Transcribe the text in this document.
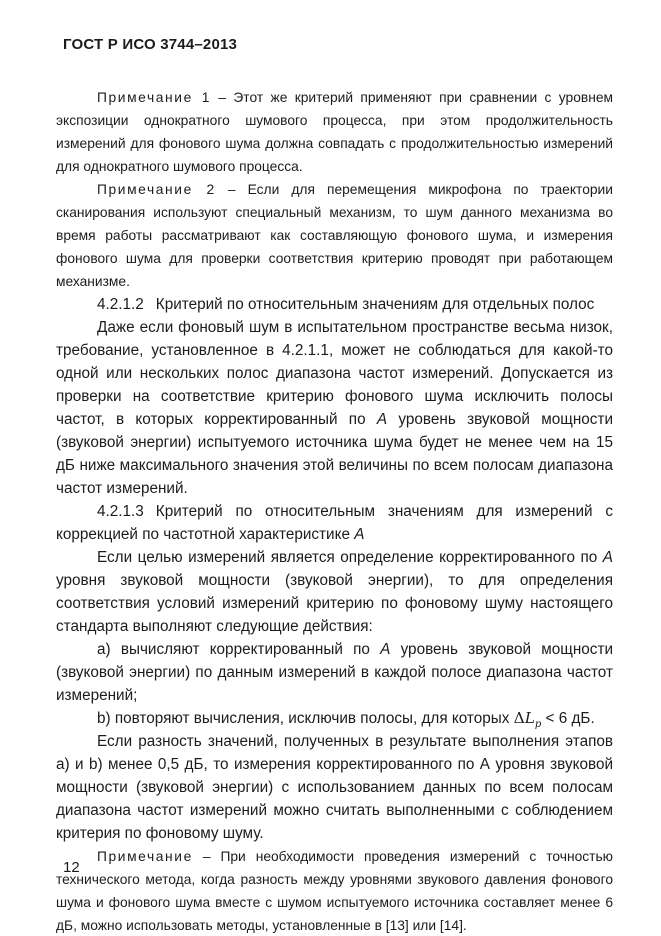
ГОСТ Р ИСО 3744–2013

Примечание 1 – Этот же критерий применяют при сравнении с уровнем экспозиции однократного шумового процесса, при этом продолжительность измерений для фонового шума должна совпадать с продолжительностью измерений для однократного шумового процесса.

Примечание 2 – Если для перемещения микрофона по траектории сканирования используют специальный механизм, то шум данного механизма во время работы рассматривают как составляющую фонового шума, и измерения фонового шума для проверки соответствия критерию проводят при работающем механизме.

4.2.1.2 Критерий по относительным значениям для отдельных полос

Даже если фоновый шум в испытательном пространстве весьма низок, требование, установленное в 4.2.1.1, может не соблюдаться для какой-то одной или нескольких полос диапазона частот измерений. Допускается из проверки на соответствие критерию фонового шума исключить полосы частот, в которых корректированный по А уровень звуковой мощности (звуковой энергии) испытуемого источника шума будет не менее чем на 15 дБ ниже максимального значения этой величины по всем полосам диапазона частот измерений.

4.2.1.3 Критерий по относительным значениям для измерений с коррекцией по частотной характеристике А

Если целью измерений является определение корректированного по А уровня звуковой мощности (звуковой энергии), то для определения соответствия условий измерений критерию по фоновому шуму настоящего стандарта выполняют следующие действия:

a) вычисляют корректированный по А уровень звуковой мощности (звуковой энергии) по данным измерений в каждой полосе диапазона частот измерений;

b) повторяют вычисления, исключив полосы, для которых $\Delta L_p < 6$ дБ.

Если разность значений, полученных в результате выполнения этапов a) и b) менее 0,5 дБ, то измерения корректированного по А уровня звуковой мощности (звуковой энергии) с использованием данных по всем полосам диапазона частот измерений можно считать выполненными с соблюдением критерия по фоновому шуму.

Примечание – При необходимости проведения измерений с точностью технического метода, когда разность между уровнями звукового давления фонового шума и фонового шума вместе с шумом испытуемого источника составляет менее 6 дБ, можно использовать методы, установленные в [13] или [14].

12
